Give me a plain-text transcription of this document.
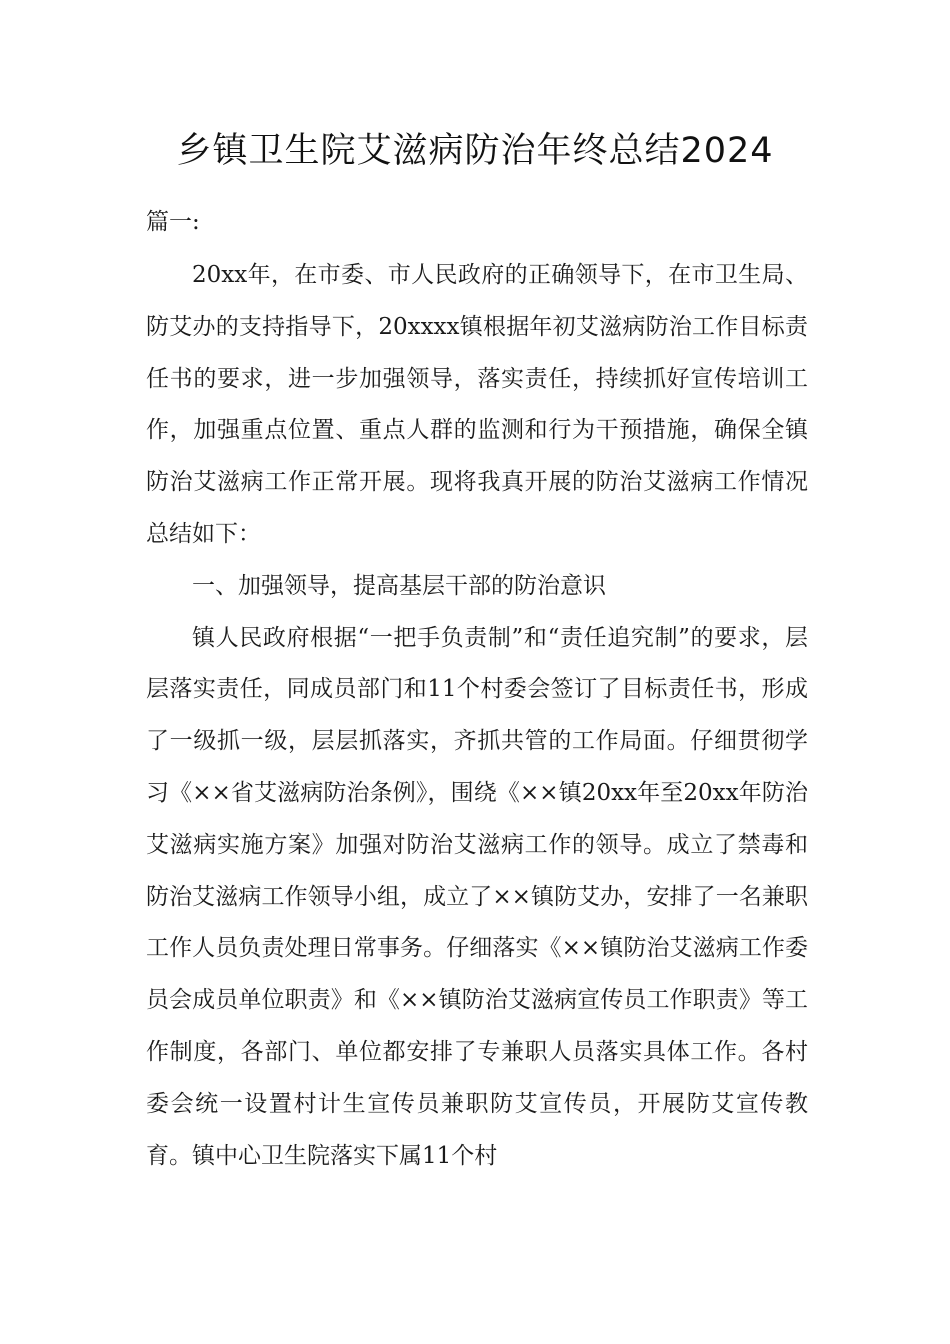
乡镇卫生院艾滋病防治年终总结2024
篇一:

20xx年，在市委、市人民政府的正确领导下，在市卫生局、防艾办的支持指导下，20xxxx镇根据年初艾滋病防治工作目标责任书的要求，进一步加强领导，落实责任，持续抓好宣传培训工作，加强重点位置、重点人群的监测和行为干预措施，确保全镇防治艾滋病工作正常开展。现将我真开展的防治艾滋病工作情况总结如下：

一、加强领导，提高基层干部的防治意识

镇人民政府根据“一把手负责制”和“责任追究制”的要求，层层落实责任，同成员部门和11个村委会签订了目标责任书，形成了一级抓一级，层层抓落实，齐抓共管的工作局面。仔细贯彻学习《××省艾滋病防治条例》，围绕《××镇20xx年至20xx年防治艾滋病实施方案》加强对防治艾滋病工作的领导。成立了禁毒和防治艾滋病工作领导小组，成立了××镇防艾办，安排了一名兼职工作人员负责处理日常事务。仔细落实《××镇防治艾滋病工作委员会成员单位职责》和《××镇防治艾滋病宣传员工作职责》等工作制度，各部门、单位都安排了专兼职人员落实具体工作。各村委会统一设置村计生宣传员兼职防艾宣传员，开展防艾宣传教育。镇中心卫生院落实下属11个村
